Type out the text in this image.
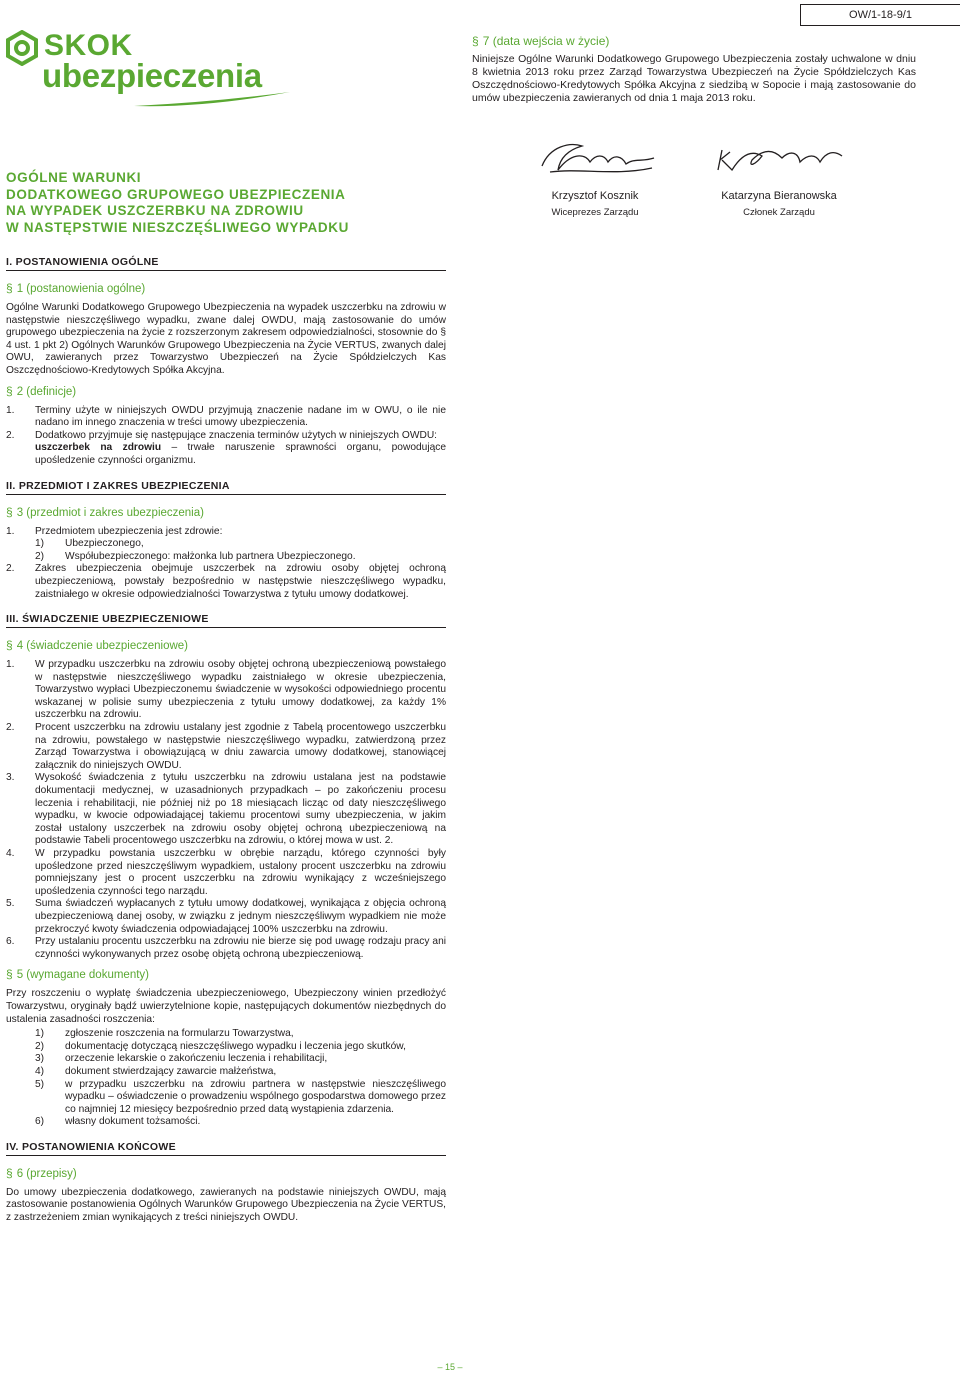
OW/1-18-9/1
SKOK
ubezpieczenia
§ 7 (data wejścia w życie)
Niniejsze Ogólne Warunki Dodatkowego Grupowego Ubezpieczenia zostały uchwalone w dniu 8 kwietnia 2013 roku przez Zarząd Towarzystwa Ubezpieczeń na Życie Spółdzielczych Kas Oszczędnościowo-Kredytowych Spółka Akcyjna z siedzibą w Sopocie i mają zastosowanie do umów ubezpieczenia zawieranych od dnia 1 maja 2013 roku.
OGÓLNE WARUNKI
DODATKOWEGO GRUPOWEGO UBEZPIECZENIA
NA WYPADEK USZCZERBKU NA ZDROWIU
W NASTĘPSTWIE NIESZCZĘŚLIWEGO WYPADKU
Krzysztof Kosznik
Wiceprezes Zarządu
Katarzyna Bieranowska
Członek Zarządu
I. POSTANOWIENIA OGÓLNE
§ 1 (postanowienia ogólne)
Ogólne Warunki Dodatkowego Grupowego Ubezpieczenia na wypadek uszczerbku na zdrowiu w następstwie nieszczęśliwego wypadku, zwane dalej OWDU, mają zastosowanie do umów grupowego ubezpieczenia na życie z rozszerzonym zakresem odpowiedzialności, stosownie do § 4 ust. 1 pkt 2) Ogólnych Warunków Grupowego Ubezpieczenia na Życie VERTUS, zwanych dalej OWU, zawieranych przez Towarzystwo Ubezpieczeń na Życie Spółdzielczych Kas Oszczędnościowo-Kredytowych Spółka Akcyjna.
§ 2 (definicje)
1. Terminy użyte w niniejszych OWDU przyjmują znaczenie nadane im w OWU, o ile nie nadano im innego znaczenia w treści umowy ubezpieczenia.
2. Dodatkowo przyjmuje się następujące znaczenia terminów użytych w niniejszych OWDU:
uszczerbek na zdrowiu – trwałe naruszenie sprawności organu, powodujące upośledzenie czynności organizmu.
II. PRZEDMIOT I ZAKRES UBEZPIECZENIA
§ 3 (przedmiot i zakres ubezpieczenia)
1. Przedmiotem ubezpieczenia jest zdrowie:
1) Ubezpieczonego,
2) Współubezpieczonego: małżonka lub partnera Ubezpieczonego.
2. Zakres ubezpieczenia obejmuje uszczerbek na zdrowiu osoby objętej ochroną ubezpieczeniową, powstały bezpośrednio w następstwie nieszczęśliwego wypadku, zaistniałego w okresie odpowiedzialności Towarzystwa z tytułu umowy dodatkowej.
III. ŚWIADCZENIE UBEZPIECZENIOWE
§ 4 (świadczenie ubezpieczeniowe)
1. W przypadku uszczerbku na zdrowiu osoby objętej ochroną ubezpieczeniową powstałego w następstwie nieszczęśliwego wypadku zaistniałego w okresie ubezpieczenia, Towarzystwo wypłaci Ubezpieczonemu świadczenie w wysokości odpowiedniego procentu wskazanej w polisie sumy ubezpieczenia z tytułu umowy dodatkowej, za każdy 1% uszczerbku na zdrowiu.
2. Procent uszczerbku na zdrowiu ustalany jest zgodnie z Tabelą procentowego uszczerbku na zdrowiu, powstałego w następstwie nieszczęśliwego wypadku, zatwierdzoną przez Zarząd Towarzystwa i obowiązującą w dniu zawarcia umowy dodatkowej, stanowiącej załącznik do niniejszych OWDU.
3. Wysokość świadczenia z tytułu uszczerbku na zdrowiu ustalana jest na podstawie dokumentacji medycznej, w uzasadnionych przypadkach – po zakończeniu procesu leczenia i rehabilitacji, nie później niż po 18 miesiącach licząc od daty nieszczęśliwego wypadku, w kwocie odpowiadającej takiemu procentowi sumy ubezpieczenia, w jakim został ustalony uszczerbek na zdrowiu osoby objętej ochroną ubezpieczeniową na podstawie Tabeli procentowego uszczerbku na zdrowiu, o której mowa w ust. 2.
4. W przypadku powstania uszczerbku w obrębie narządu, którego czynności były upośledzone przed nieszczęśliwym wypadkiem, ustalony procent uszczerbku na zdrowiu pomniejszany jest o procent uszczerbku na zdrowiu wynikający z wcześniejszego upośledzenia czynności tego narządu.
5. Suma świadczeń wypłacanych z tytułu umowy dodatkowej, wynikająca z objęcia ochroną ubezpieczeniową danej osoby, w związku z jednym nieszczęśliwym wypadkiem nie może przekroczyć kwoty świadczenia odpowiadającej 100% uszczerbku na zdrowiu.
6. Przy ustalaniu procentu uszczerbku na zdrowiu nie bierze się pod uwagę rodzaju pracy ani czynności wykonywanych przez osobę objętą ochroną ubezpieczeniową.
§ 5 (wymagane dokumenty)
Przy roszczeniu o wypłatę świadczenia ubezpieczeniowego, Ubezpieczony winien przedłożyć Towarzystwu, oryginały bądź uwierzytelnione kopie, następujących dokumentów niezbędnych do ustalenia zasadności roszczenia:
1) zgłoszenie roszczenia na formularzu Towarzystwa,
2) dokumentację dotyczącą nieszczęśliwego wypadku i leczenia jego skutków,
3) orzeczenie lekarskie o zakończeniu leczenia i rehabilitacji,
4) dokument stwierdzający zawarcie małżeństwa,
5) w przypadku uszczerbku na zdrowiu partnera w następstwie nieszczęśliwego wypadku – oświadczenie o prowadzeniu wspólnego gospodarstwa domowego przez co najmniej 12 miesięcy bezpośrednio przed datą wystąpienia zdarzenia.
6) własny dokument tożsamości.
IV. POSTANOWIENIA KOŃCOWE
§ 6 (przepisy)
Do umowy ubezpieczenia dodatkowego, zawieranych na podstawie niniejszych OWDU, mają zastosowanie postanowienia Ogólnych Warunków Grupowego Ubezpieczenia na Życie VERTUS, z zastrzeżeniem zmian wynikających z treści niniejszych OWDU.
– 15 –
